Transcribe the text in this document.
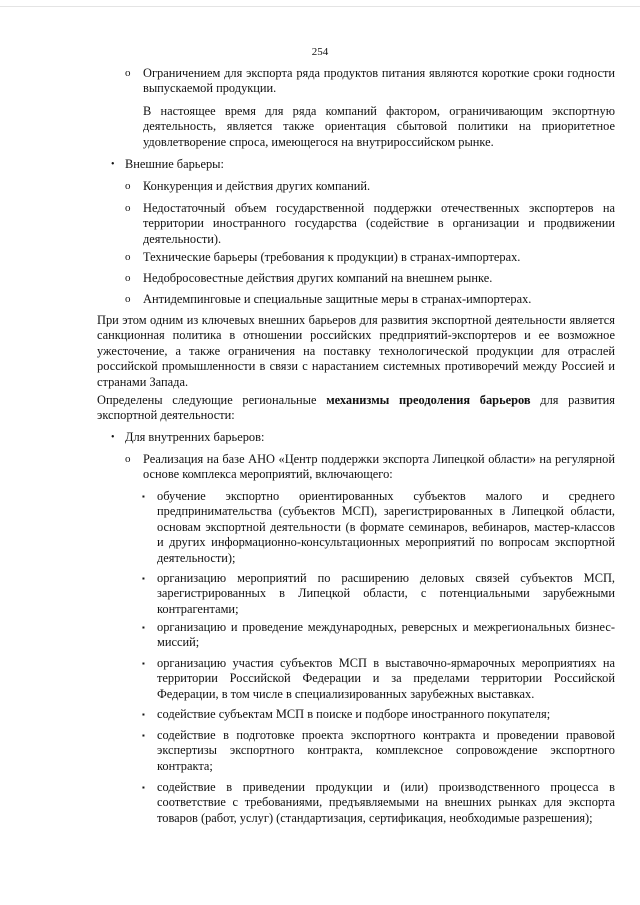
254
o Ограничением для экспорта ряда продуктов питания являются короткие сроки годности выпускаемой продукции.
В настоящее время для ряда компаний фактором, ограничивающим экспортную деятельность, является также ориентация сбытовой политики на приоритетное удовлетворение спроса, имеющегося на внутрироссийском рынке.
• Внешние барьеры:
o Конкуренция и действия других компаний.
o Недостаточный объем государственной поддержки отечественных экспортеров на территории иностранного государства (содействие в организации и продвижении деятельности).
o Технические барьеры (требования к продукции) в странах-импортерах.
o Недобросовестные действия других компаний на внешнем рынке.
o Антидемпинговые и специальные защитные меры в странах-импортерах.
При этом одним из ключевых внешних барьеров для развития экспортной деятельности является санкционная политика в отношении российских предприятий-экспортеров и ее возможное ужесточение, а также ограничения на поставку технологической продукции для отраслей российской промышленности в связи с нарастанием системных противоречий между Россией и странами Запада.
Определены следующие региональные механизмы преодоления барьеров для развития экспортной деятельности:
• Для внутренних барьеров:
o Реализация на базе АНО «Центр поддержки экспорта Липецкой области» на регулярной основе комплекса мероприятий, включающего:
▪ обучение экспортно ориентированных субъектов малого и среднего предпринимательства (субъектов МСП), зарегистрированных в Липецкой области, основам экспортной деятельности (в формате семинаров, вебинаров, мастер-классов и других информационно-консультационных мероприятий по вопросам экспортной деятельности);
▪ организацию мероприятий по расширению деловых связей субъектов МСП, зарегистрированных в Липецкой области, с потенциальными зарубежными контрагентами;
▪ организацию и проведение международных, реверсных и межрегиональных бизнес-миссий;
▪ организацию участия субъектов МСП в выставочно-ярмарочных мероприятиях на территории Российской Федерации и за пределами территории Российской Федерации, в том числе в специализированных зарубежных выставках.
▪ содействие субъектам МСП в поиске и подборе иностранного покупателя;
▪ содействие в подготовке проекта экспортного контракта и проведении правовой экспертизы экспортного контракта, комплексное сопровождение экспортного контракта;
▪ содействие в приведении продукции и (или) производственного процесса в соответствие с требованиями, предъявляемыми на внешних рынках для экспорта товаров (работ, услуг) (стандартизация, сертификация, необходимые разрешения);
